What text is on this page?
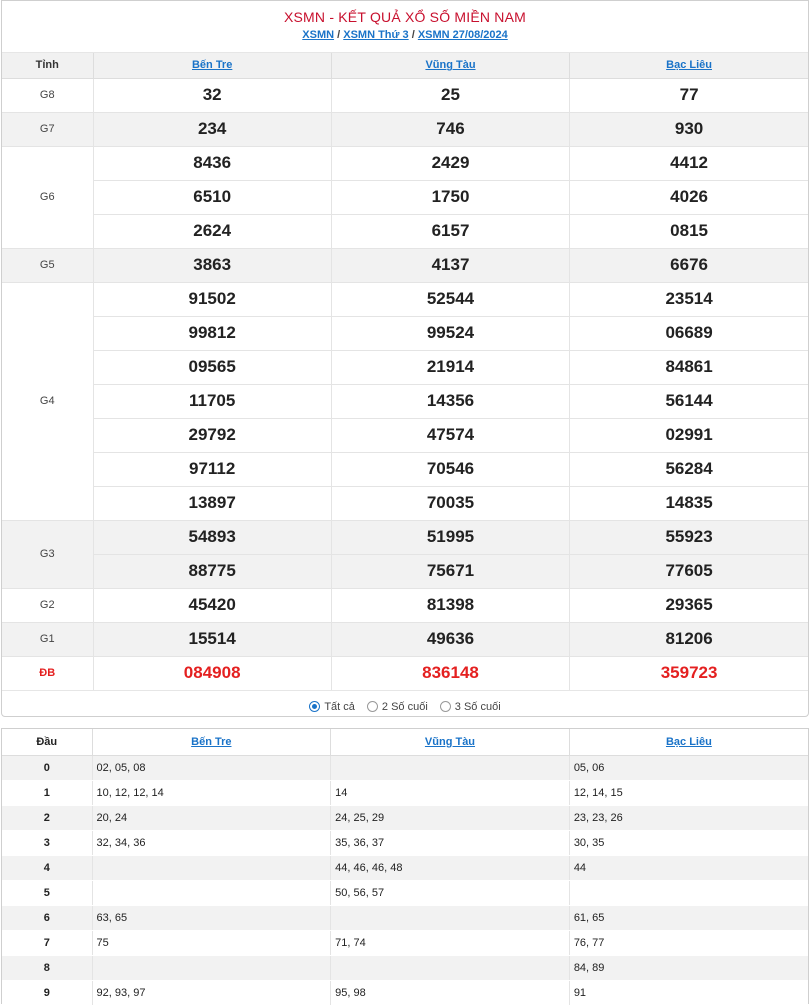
XSMN - KẾT QUẢ XỔ SỐ MIỀN NAM
XSMN / XSMN Thứ 3 / XSMN 27/08/2024
Tỉnh	Bến Tre	Vũng Tàu	Bạc Liêu
G8	32	25	77
G7	234	746	930
G6	8436	2429	4412
	6510	1750	4026
	2624	6157	0815
G5	3863	4137	6676
G4	91502	52544	23514
	99812	99524	06689
	09565	21914	84861
	11705	14356	56144
	29792	47574	02991
	97112	70546	56284
	13897	70035	14835
G3	54893	51995	55923
	88775	75671	77605
G2	45420	81398	29365
G1	15514	49636	81206
ĐB	084908	836148	359723
Tất cả 2 Số cuối 3 Số cuối
Đầu	Bến Tre	Vũng Tàu	Bạc Liêu
0	02, 05, 08		05, 06
1	10, 12, 12, 14	14	12, 14, 15
2	20, 24	24, 25, 29	23, 23, 26
3	32, 34, 36	35, 36, 37	30, 35
4		44, 46, 46, 48	44
5		50, 56, 57	
6	63, 65		61, 65
7	75	71, 74	76, 77
8			84, 89
9	92, 93, 97	95, 98	91
